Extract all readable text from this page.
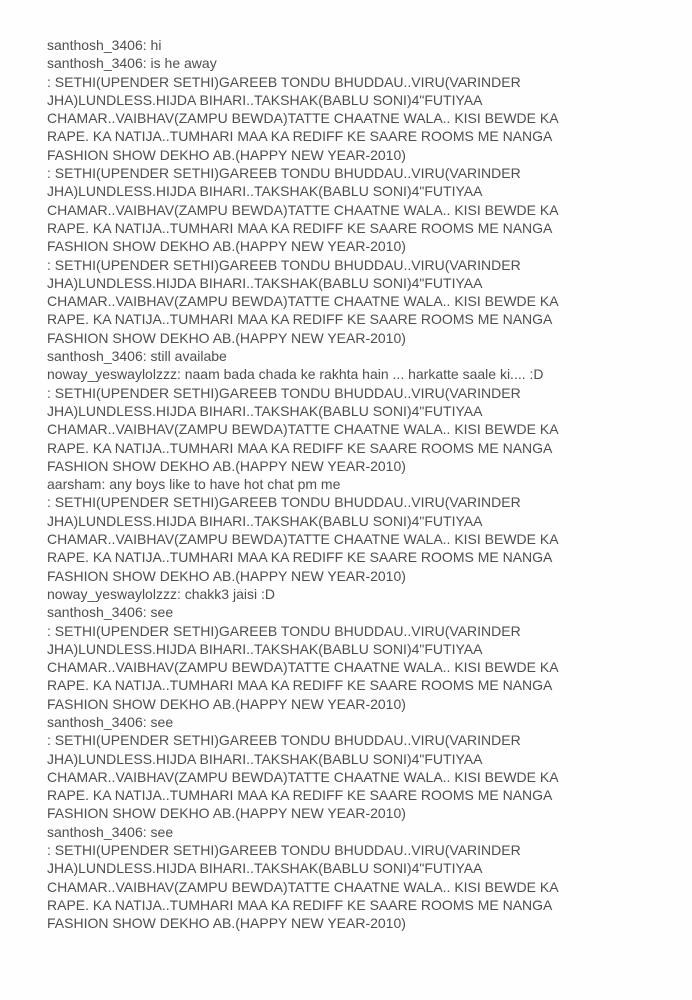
santhosh_3406: hi
santhosh_3406: is he away
: SETHI(UPENDER SETHI)GAREEB TONDU BHUDDAU..VIRU(VARINDER
JHA)LUNDLESS.HIJDA BIHARI..TAKSHAK(BABLU SONI)4"FUTIYAA
CHAMAR..VAIBHAV(ZAMPU BEWDA)TATTE CHAATNE WALA.. KISI BEWDE KA
RAPE. KA NATIJA..TUMHARI MAA KA REDIFF KE SAARE ROOMS ME NANGA
FASHION SHOW DEKHO AB.(HAPPY NEW YEAR-2010)
: SETHI(UPENDER SETHI)GAREEB TONDU BHUDDAU..VIRU(VARINDER
JHA)LUNDLESS.HIJDA BIHARI..TAKSHAK(BABLU SONI)4"FUTIYAA
CHAMAR..VAIBHAV(ZAMPU BEWDA)TATTE CHAATNE WALA.. KISI BEWDE KA
RAPE. KA NATIJA..TUMHARI MAA KA REDIFF KE SAARE ROOMS ME NANGA
FASHION SHOW DEKHO AB.(HAPPY NEW YEAR-2010)
: SETHI(UPENDER SETHI)GAREEB TONDU BHUDDAU..VIRU(VARINDER
JHA)LUNDLESS.HIJDA BIHARI..TAKSHAK(BABLU SONI)4"FUTIYAA
CHAMAR..VAIBHAV(ZAMPU BEWDA)TATTE CHAATNE WALA.. KISI BEWDE KA
RAPE. KA NATIJA..TUMHARI MAA KA REDIFF KE SAARE ROOMS ME NANGA
FASHION SHOW DEKHO AB.(HAPPY NEW YEAR-2010)
santhosh_3406: still availabe
noway_yeswaylolzzz: naam bada chada ke rakhta hain ... harkatte saale ki.... :D
: SETHI(UPENDER SETHI)GAREEB TONDU BHUDDAU..VIRU(VARINDER
JHA)LUNDLESS.HIJDA BIHARI..TAKSHAK(BABLU SONI)4"FUTIYAA
CHAMAR..VAIBHAV(ZAMPU BEWDA)TATTE CHAATNE WALA.. KISI BEWDE KA
RAPE. KA NATIJA..TUMHARI MAA KA REDIFF KE SAARE ROOMS ME NANGA
FASHION SHOW DEKHO AB.(HAPPY NEW YEAR-2010)
aarsham: any boys like to have hot chat pm me
: SETHI(UPENDER SETHI)GAREEB TONDU BHUDDAU..VIRU(VARINDER
JHA)LUNDLESS.HIJDA BIHARI..TAKSHAK(BABLU SONI)4"FUTIYAA
CHAMAR..VAIBHAV(ZAMPU BEWDA)TATTE CHAATNE WALA.. KISI BEWDE KA
RAPE. KA NATIJA..TUMHARI MAA KA REDIFF KE SAARE ROOMS ME NANGA
FASHION SHOW DEKHO AB.(HAPPY NEW YEAR-2010)
noway_yeswaylolzzz: chakk3 jaisi :D
santhosh_3406: see
: SETHI(UPENDER SETHI)GAREEB TONDU BHUDDAU..VIRU(VARINDER
JHA)LUNDLESS.HIJDA BIHARI..TAKSHAK(BABLU SONI)4"FUTIYAA
CHAMAR..VAIBHAV(ZAMPU BEWDA)TATTE CHAATNE WALA.. KISI BEWDE KA
RAPE. KA NATIJA..TUMHARI MAA KA REDIFF KE SAARE ROOMS ME NANGA
FASHION SHOW DEKHO AB.(HAPPY NEW YEAR-2010)
santhosh_3406: see
: SETHI(UPENDER SETHI)GAREEB TONDU BHUDDAU..VIRU(VARINDER
JHA)LUNDLESS.HIJDA BIHARI..TAKSHAK(BABLU SONI)4"FUTIYAA
CHAMAR..VAIBHAV(ZAMPU BEWDA)TATTE CHAATNE WALA.. KISI BEWDE KA
RAPE. KA NATIJA..TUMHARI MAA KA REDIFF KE SAARE ROOMS ME NANGA
FASHION SHOW DEKHO AB.(HAPPY NEW YEAR-2010)
santhosh_3406: see
: SETHI(UPENDER SETHI)GAREEB TONDU BHUDDAU..VIRU(VARINDER
JHA)LUNDLESS.HIJDA BIHARI..TAKSHAK(BABLU SONI)4"FUTIYAA
CHAMAR..VAIBHAV(ZAMPU BEWDA)TATTE CHAATNE WALA.. KISI BEWDE KA
RAPE. KA NATIJA..TUMHARI MAA KA REDIFF KE SAARE ROOMS ME NANGA
FASHION SHOW DEKHO AB.(HAPPY NEW YEAR-2010)
